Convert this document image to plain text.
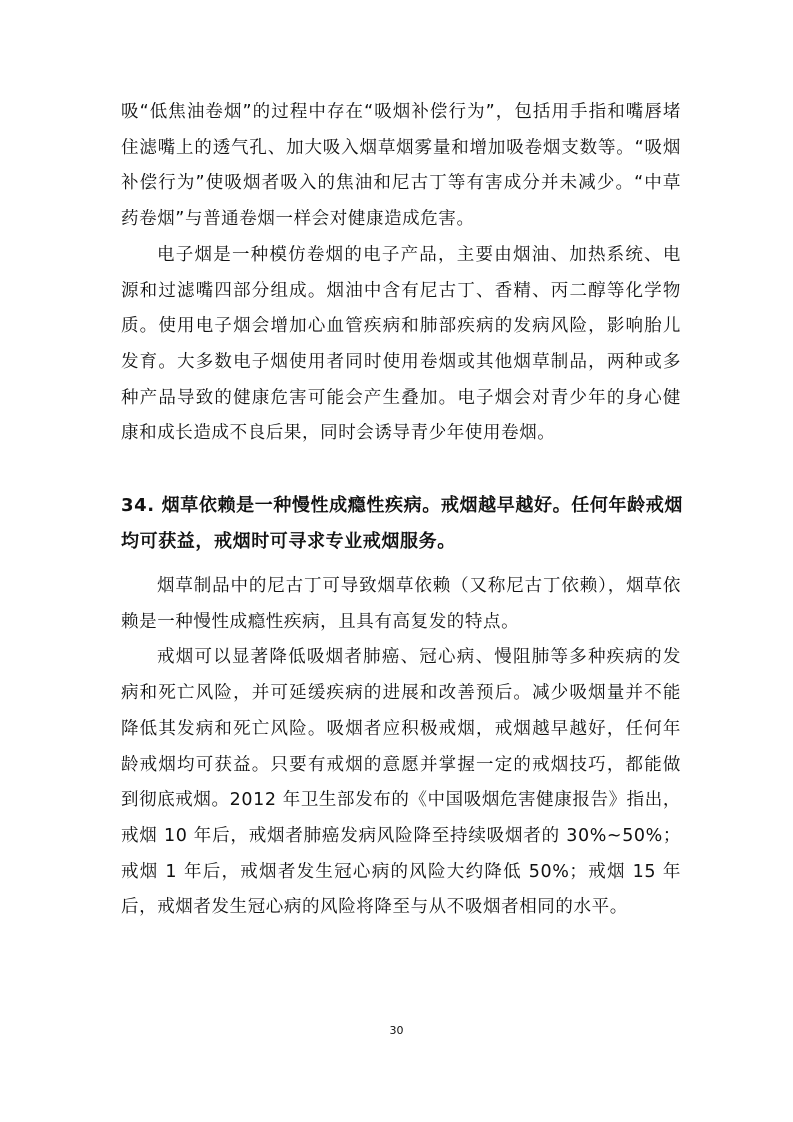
吸“低焦油卷烟”的过程中存在“吸烟补偿行为”，包括用手指和嘴唇堵住滤嘴上的透气孔、加大吸入烟草烟雾量和增加吸卷烟支数等。“吸烟补偿行为”使吸烟者吸入的焦油和尼古丁等有害成分并未减少。“中草药卷烟”与普通卷烟一样会对健康造成危害。

电子烟是一种模仿卷烟的电子产品，主要由烟油、加热系统、电源和过滤嘴四部分组成。烟油中含有尼古丁、香精、丙二醇等化学物质。使用电子烟会增加心血管疾病和肺部疾病的发病风险，影响胎儿发育。大多数电子烟使用者同时使用卷烟或其他烟草制品，两种或多种产品导致的健康危害可能会产生叠加。电子烟会对青少年的身心健康和成长造成不良后果，同时会诱导青少年使用卷烟。

34. 烟草依赖是一种慢性成瘾性疾病。戒烟越早越好。任何年龄戒烟均可获益，戒烟时可寻求专业戒烟服务。

烟草制品中的尼古丁可导致烟草依赖（又称尼古丁依赖），烟草依赖是一种慢性成瘾性疾病，且具有高复发的特点。

戒烟可以显著降低吸烟者肺癌、冠心病、慢阻肺等多种疾病的发病和死亡风险，并可延缓疾病的进展和改善预后。减少吸烟量并不能降低其发病和死亡风险。吸烟者应积极戒烟，戒烟越早越好，任何年龄戒烟均可获益。只要有戒烟的意愿并掌握一定的戒烟技巧，都能做到彻底戒烟。2012 年卫生部发布的《中国吸烟危害健康报告》指出，戒烟 10 年后，戒烟者肺癌发病风险降至持续吸烟者的 30%~50%；戒烟 1 年后，戒烟者发生冠心病的风险大约降低 50%；戒烟 15 年后，戒烟者发生冠心病的风险将降至与从不吸烟者相同的水平。

30
